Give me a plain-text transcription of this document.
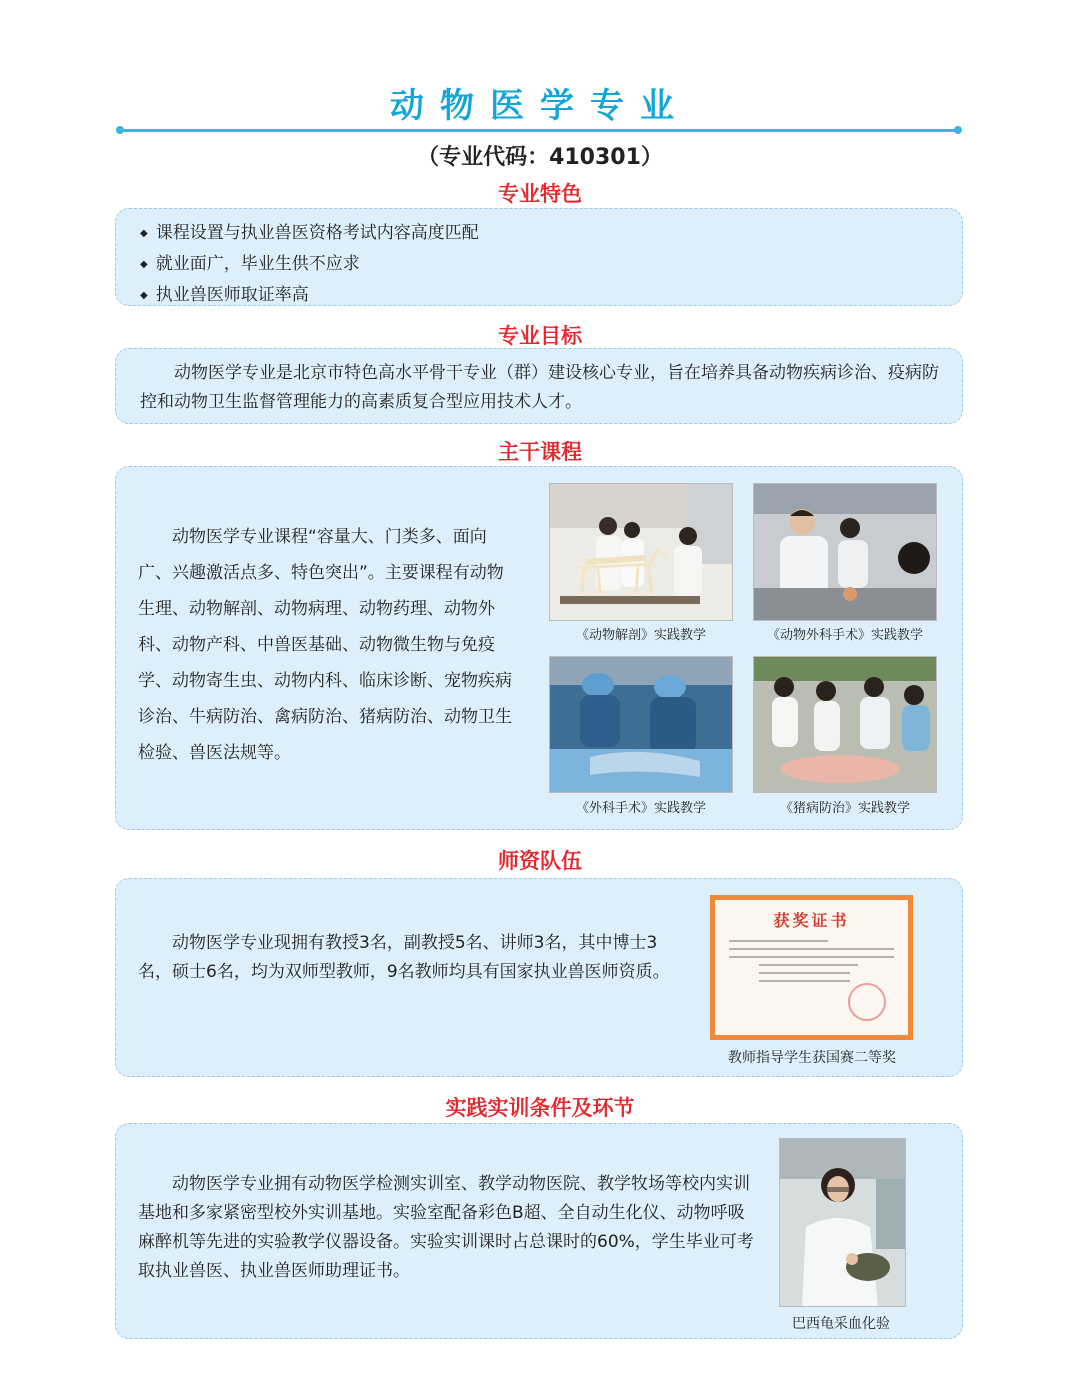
动物医学专业
（专业代码：410301）
专业特色
◆ 课程设置与执业兽医资格考试内容高度匹配
◆ 就业面广，毕业生供不应求
◆ 执业兽医师取证率高
专业目标

动物医学专业是北京市特色高水平骨干专业（群）建设核心专业，旨在培养具备动物疾病诊治、疫病防控和动物卫生监督管理能力的高素质复合型应用技术人才。

主干课程

动物医学专业课程“容量大、门类多、面向广、兴趣激活点多、特色突出”。主要课程有动物生理、动物解剖、动物病理、动物药理、动物外科、动物产科、中兽医基础、动物微生物与免疫学、动物寄生虫、动物内科、临床诊断、宠物疾病诊治、牛病防治、禽病防治、猪病防治、动物卫生检验、兽医法规等。

《动物解剖》实践教学	《动物外科手术》实践教学
《外科手术》实践教学	《猪病防治》实践教学
师资队伍

动物医学专业现拥有教授3名，副教授5名、讲师3名，其中博士3名，硕士6名，均为双师型教师，9名教师均具有国家执业兽医师资质。

获奖证书
教师指导学生获国赛二等奖
实践实训条件及环节

动物医学专业拥有动物医学检测实训室、教学动物医院、教学牧场等校内实训基地和多家紧密型校外实训基地。实验室配备彩色B超、全自动生化仪、动物呼吸麻醉机等先进的实验教学仪器设备。实验实训课时占总课时的60%，学生毕业可考取执业兽医、执业兽医师助理证书。

巴西龟采血化验
